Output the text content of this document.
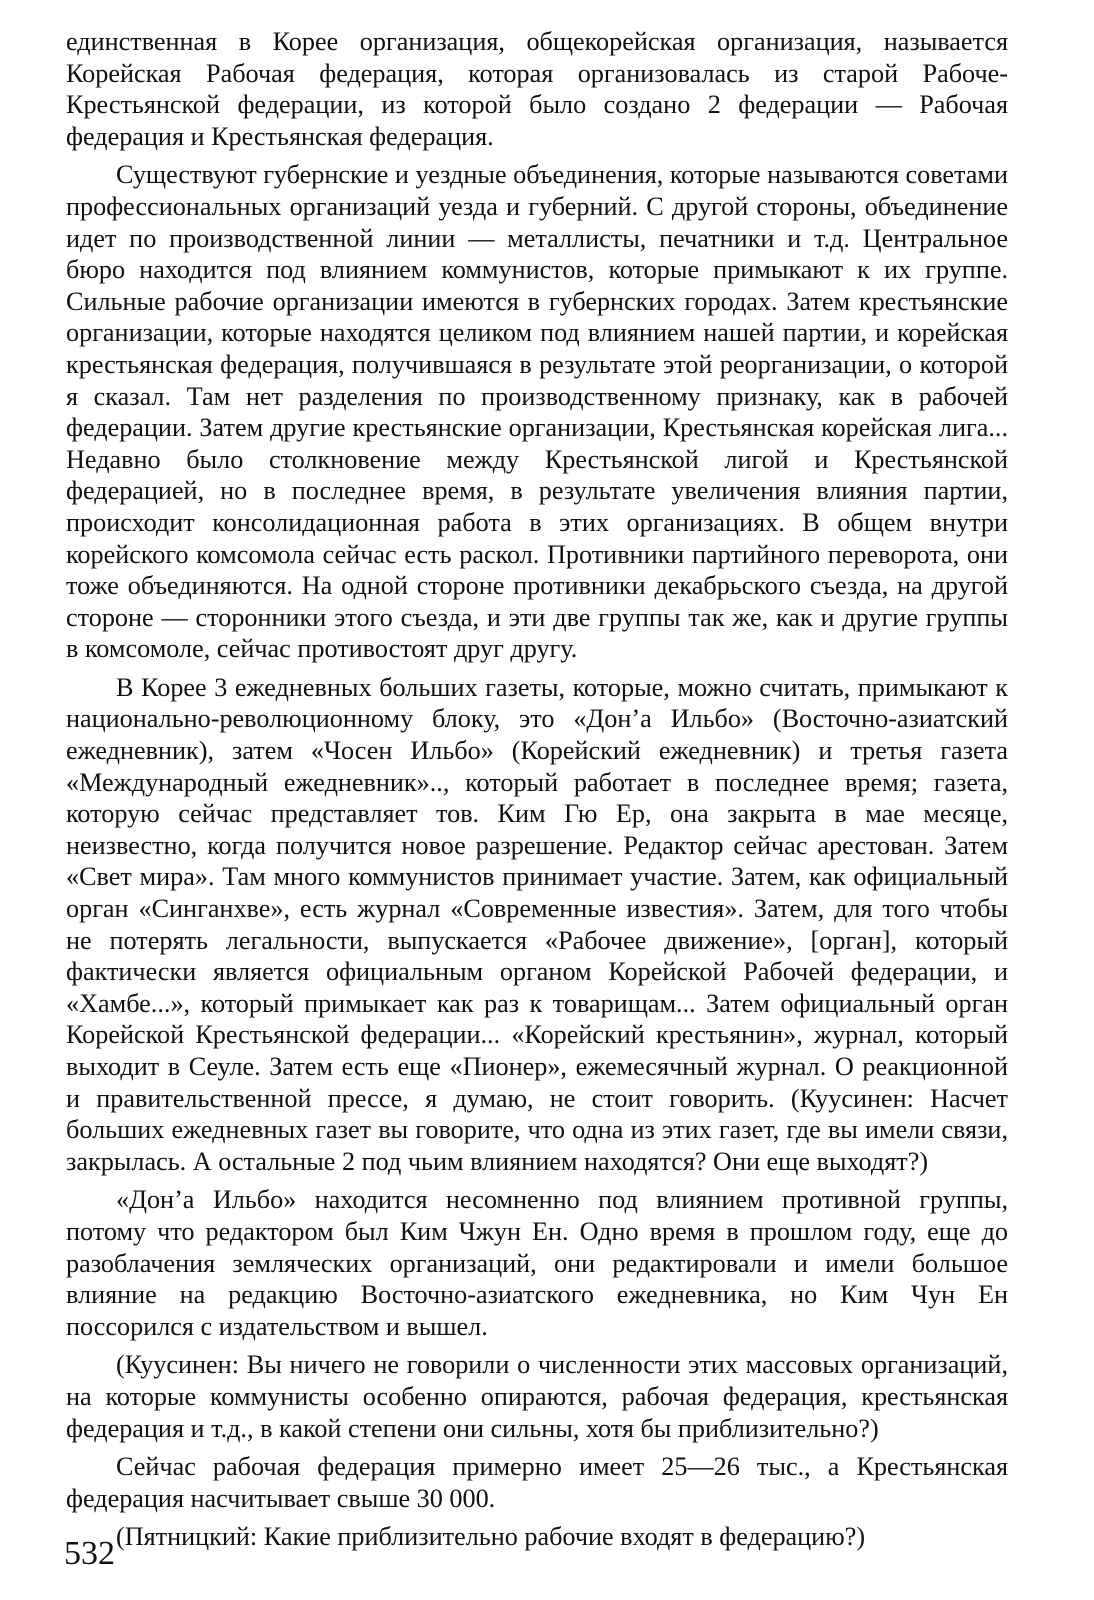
единственная в Корее организация, общекорейская организация, называется Корейская Рабочая федерация, которая организовалась из старой Рабоче-Крестьянской федерации, из которой было создано 2 федерации — Рабочая федерация и Крестьянская федерация.

Существуют губернские и уездные объединения, которые называются советами профессиональных организаций уезда и губерний. С другой стороны, объединение идет по производственной линии — металлисты, печатники и т.д. Центральное бюро находится под влиянием коммунистов, которые примыкают к их группе. Сильные рабочие организации имеются в губернских городах. Затем крестьянские организации, которые находятся целиком под влиянием нашей партии, и корейская крестьянская федерация, получившаяся в результате этой реорганизации, о которой я сказал. Там нет разделения по производственному признаку, как в рабочей федерации. Затем другие крестьянские организации, Крестьянская корейская лига... Недавно было столкновение между Крестьянской лигой и Крестьянской федерацией, но в последнее время, в результате увеличения влияния партии, происходит консолидационная работа в этих организациях. В общем внутри корейского комсомола сейчас есть раскол. Противники партийного переворота, они тоже объединяются. На одной стороне противники декабрьского съезда, на другой стороне — сторонники этого съезда, и эти две группы так же, как и другие группы в комсомоле, сейчас противостоят друг другу.

В Корее 3 ежедневных больших газеты, которые, можно считать, примыкают к национально-революционному блоку, это «Дон’а Ильбо» (Восточно-азиатский ежедневник), затем «Чосен Ильбо» (Корейский ежедневник) и третья газета «Международный ежедневник».., который работает в последнее время; газета, которую сейчас представляет тов. Ким Гю Ер, она закрыта в мае месяце, неизвестно, когда получится новое разрешение. Редактор сейчас арестован. Затем «Свет мира». Там много коммунистов принимает участие. Затем, как официальный орган «Синганхве», есть журнал «Современные известия». Затем, для того чтобы не потерять легальности, выпускается «Рабочее движение», [орган], который фактически является официальным органом Корейской Рабочей федерации, и «Хамбе...», который примыкает как раз к товарищам... Затем официальный орган Корейской Крестьянской федерации... «Корейский крестьянин», журнал, который выходит в Сеуле. Затем есть еще «Пионер», ежемесячный журнал. О реакционной и правительственной прессе, я думаю, не стоит говорить. (Куусинен: Насчет больших ежедневных газет вы говорите, что одна из этих газет, где вы имели связи, закрылась. А остальные 2 под чьим влиянием находятся? Они еще выходят?)

«Дон’а Ильбо» находится несомненно под влиянием противной группы, потому что редактором был Ким Чжун Ен. Одно время в прошлом году, еще до разоблачения землячеcких организаций, они редактировали и имели большое влияние на редакцию Восточно-азиатского ежедневника, но Ким Чун Ен поссорился с издательством и вышел.

(Куусинен: Вы ничего не говорили о численности этих массовых организаций, на которые коммунисты особенно опираются, рабочая федерация, крестьянская федерация и т.д., в какой степени они сильны, хотя бы приблизительно?)

Сейчас рабочая федерация примерно имеет 25—26 тыс., а Крестьянская федерация насчитывает свыше 30 000.

(Пятницкий: Какие приблизительно рабочие входят в федерацию?)

532
